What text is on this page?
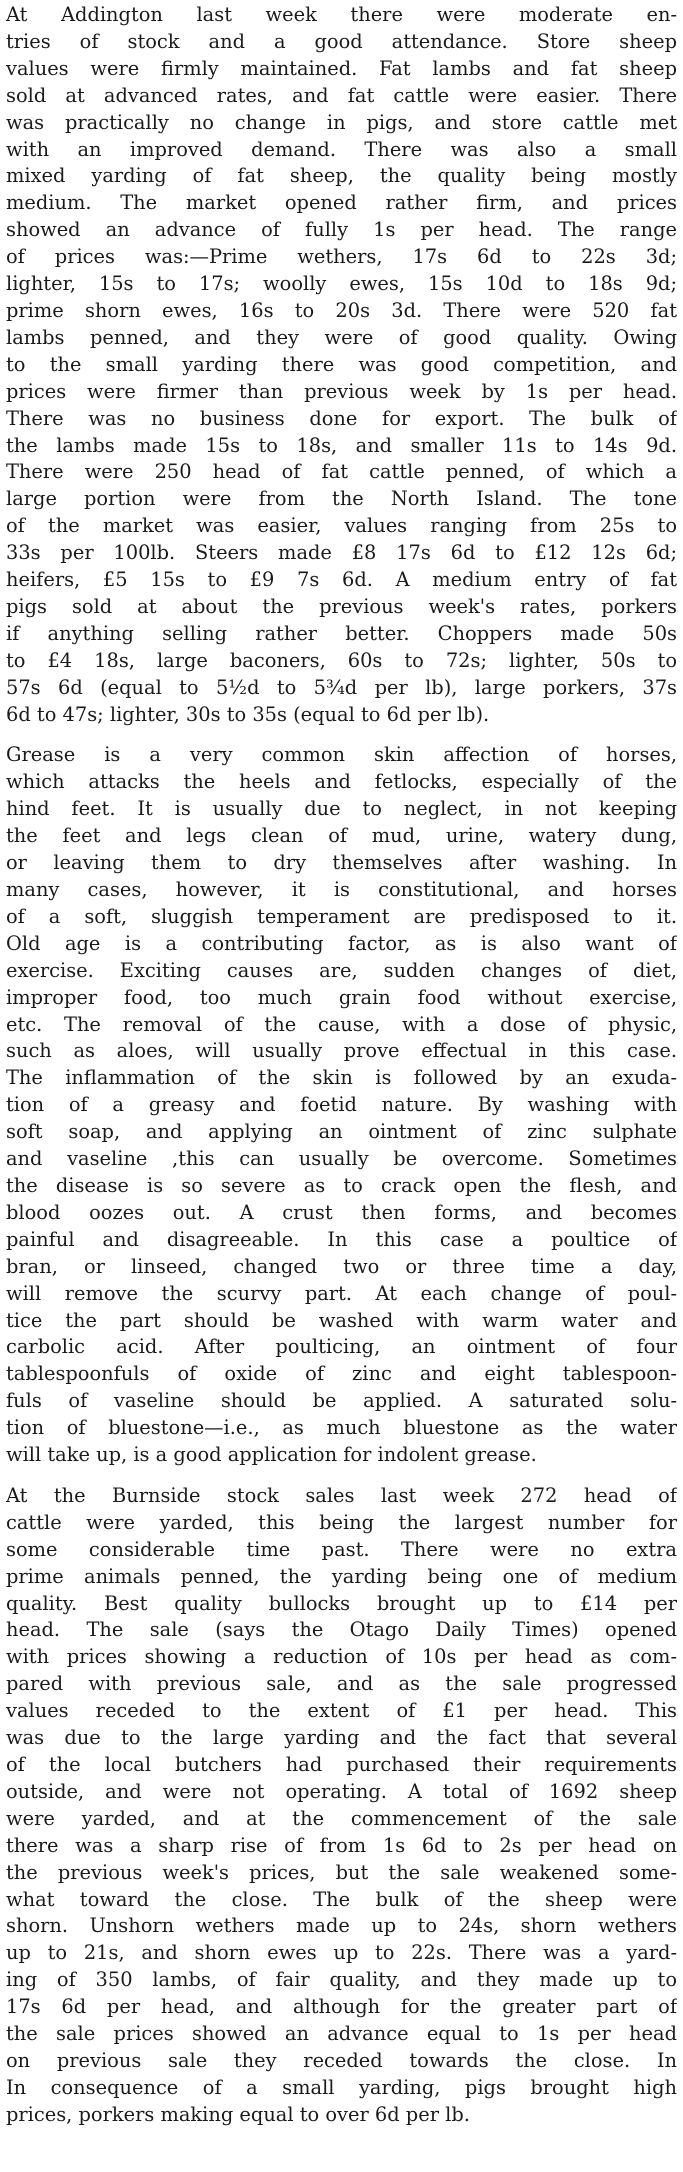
At Addington last week there were moderate en-
tries of stock and a good attendance. Store sheep
values were firmly maintained. Fat lambs and fat sheep
sold at advanced rates, and fat cattle were easier. There
was practically no change in pigs, and store cattle met
with an improved demand. There was also a small
mixed yarding of fat sheep, the quality being mostly
medium. The market opened rather firm, and prices
showed an advance of fully 1s per head. The range
of prices was:—Prime wethers, 17s 6d to 22s 3d;
lighter, 15s to 17s; woolly ewes, 15s 10d to 18s 9d;
prime shorn ewes, 16s to 20s 3d. There were 520 fat
lambs penned, and they were of good quality. Owing
to the small yarding there was good competition, and
prices were firmer than previous week by 1s per head.
There was no business done for export. The bulk of
the lambs made 15s to 18s, and smaller 11s to 14s 9d.
There were 250 head of fat cattle penned, of which a
large portion were from the North Island. The tone
of the market was easier, values ranging from 25s to
33s per 100lb. Steers made £8 17s 6d to £12 12s 6d;
heifers, £5 15s to £9 7s 6d. A medium entry of fat
pigs sold at about the previous week's rates, porkers
if anything selling rather better. Choppers made 50s
to £4 18s, large baconers, 60s to 72s; lighter, 50s to
57s 6d (equal to 5½d to 5¾d per lb), large porkers, 37s
6d to 47s; lighter, 30s to 35s (equal to 6d per lb).
Grease is a very common skin affection of horses,
which attacks the heels and fetlocks, especially of the
hind feet. It is usually due to neglect, in not keeping
the feet and legs clean of mud, urine, watery dung,
or leaving them to dry themselves after washing. In
many cases, however, it is constitutional, and horses
of a soft, sluggish temperament are predisposed to it.
Old age is a contributing factor, as is also want of
exercise. Exciting causes are, sudden changes of diet,
improper food, too much grain food without exercise,
etc. The removal of the cause, with a dose of physic,
such as aloes, will usually prove effectual in this case.
The inflammation of the skin is followed by an exuda-
tion of a greasy and foetid nature. By washing with
soft soap, and applying an ointment of zinc sulphate
and vaseline ,this can usually be overcome. Sometimes
the disease is so severe as to crack open the flesh, and
blood oozes out. A crust then forms, and becomes
painful and disagreeable. In this case a poultice of
bran, or linseed, changed two or three time a day,
will remove the scurvy part. At each change of poul-
tice the part should be washed with warm water and
carbolic acid. After poulticing, an ointment of four
tablespoonfuls of oxide of zinc and eight tablespoon-
fuls of vaseline should be applied. A saturated solu-
tion of bluestone—i.e., as much bluestone as the water
will take up, is a good application for indolent grease.
At the Burnside stock sales last week 272 head of
cattle were yarded, this being the largest number for
some considerable time past. There were no extra
prime animals penned, the yarding being one of medium
quality. Best quality bullocks brought up to £14 per
head. The sale (says the Otago Daily Times) opened
with prices showing a reduction of 10s per head as com-
pared with previous sale, and as the sale progressed
values receded to the extent of £1 per head. This
was due to the large yarding and the fact that several
of the local butchers had purchased their requirements
outside, and were not operating. A total of 1692 sheep
were yarded, and at the commencement of the sale
there was a sharp rise of from 1s 6d to 2s per head on
the previous week's prices, but the sale weakened some-
what toward the close. The bulk of the sheep were
shorn. Unshorn wethers made up to 24s, shorn wethers
up to 21s, and shorn ewes up to 22s. There was a yard-
ing of 350 lambs, of fair quality, and they made up to
17s 6d per head, and although for the greater part of
the sale prices showed an advance equal to 1s per head
on previous sale they receded towards the close. In
In consequence of a small yarding, pigs brought high
prices, porkers making equal to over 6d per lb.
